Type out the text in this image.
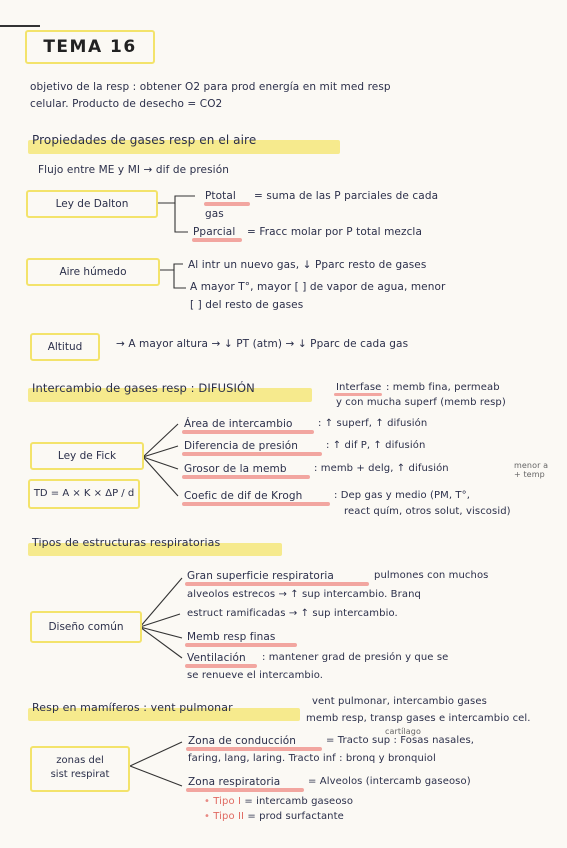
TEMA 16
objetivo de la resp : obtener O2 para prod energía en mit med resp
celular. Producto de desecho = CO2
Propiedades de gases resp en el aire
Flujo entre ME y MI → dif de presión
Ley de Dalton
Ptotal = suma de las P parciales de cada
gas
Pparcial = Fracc molar por P total mezcla
Aire húmedo
Al intr un nuevo gas, ↓ Pparc resto de gases
A mayor T°, mayor [ ] de vapor de agua, menor
[ ] del resto de gases
Altitud	→ A mayor altura → ↓ PT (atm) → ↓ Pparc de cada gas
Intercambio de gases resp : DIFUSIÓN	Interfase : memb fina, permeab
y con mucha superf (memb resp)
Ley de Fick
TD = A × K × ΔP / d
Área de intercambio	: ↑ superf, ↑ difusión
Diferencia de presión	: ↑ dif P, ↑ difusión
Grosor de la memb	: memb + delg, ↑ difusión
Coefic de dif de Krogh	: Dep gas y medio (PM, T°,
react quím, otros solut, viscosid)
menor a
+ temp
Tipos de estructuras respiratorias
Diseño común
Gran superficie respiratoria	pulmones con muchos
alveolos estrecos → ↑ sup intercambio. Branq
estruct ramificadas → ↑ sup intercambio.
Memb resp finas
Ventilación : mantener grad de presión y que se
se renueve el intercambio.
Resp en mamíferos : vent pulmonar	vent pulmonar, intercambio gases
memb resp, transp gases e intercambio cel.
zonas del
sist respirat
cartílago
Zona de conducción	= Tracto sup : Fosas nasales,
faring, lang, laring. Tracto inf : bronq y bronquiol
Zona respiratoria	= Alveolos (intercamb gaseoso)
• Tipo I = intercamb gaseoso
• Tipo II = prod surfactante
